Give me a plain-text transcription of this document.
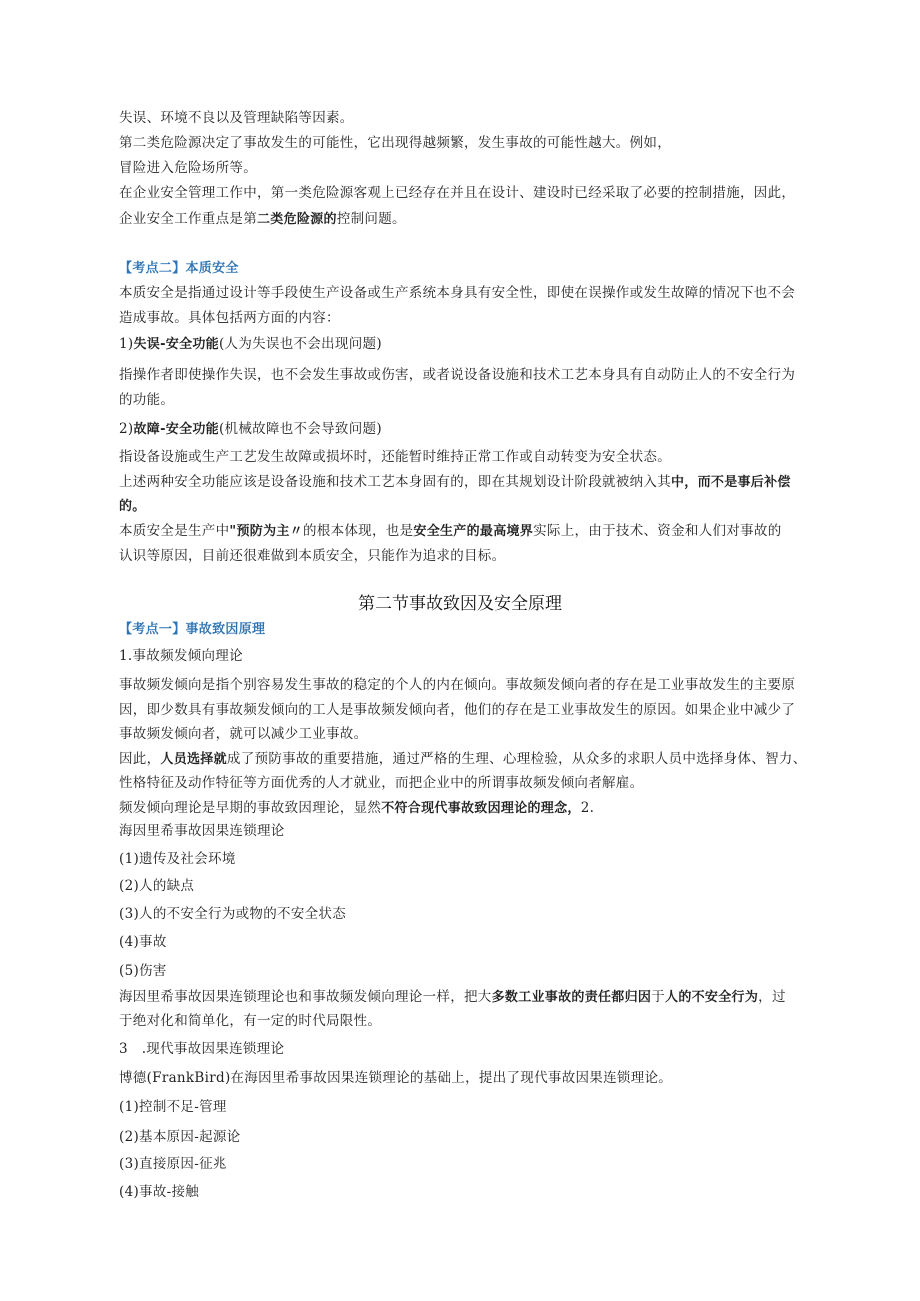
失误、环境不良以及管理缺陷等因素。
第二类危险源决定了事故发生的可能性，它出现得越频繁，发生事故的可能性越大。例如，
冒险进入危险场所等。
在企业安全管理工作中，第一类危险源客观上已经存在并且在设计、建设时已经采取了必要的控制措施，因此，
企业安全工作重点是第二类危险源的控制问题。
【考点二】本质安全
本质安全是指通过设计等手段使生产设备或生产系统本身具有安全性，即使在误操作或发生故障的情况下也不会
造成事故。具体包括两方面的内容：
1)失误-安全功能(人为失误也不会出现问题)
指操作者即使操作失误，也不会发生事故或伤害，或者说设备设施和技术工艺本身具有自动防止人的不安全行为
的功能。
2)故障-安全功能(机械故障也不会导致问题)
指设备设施或生产工艺发生故障或损坏时，还能暂时维持正常工作或自动转变为安全状态。
上述两种安全功能应该是设备设施和技术工艺本身固有的，即在其规划设计阶段就被纳入其中，而不是事后补偿
的。
本质安全是生产中"预防为主〃的根本体现，也是安全生产的最高境界实际上，由于技术、资金和人们对事故的
认识等原因，目前还很难做到本质安全，只能作为追求的目标。
【考点一】事故致因原理
1.事故频发倾向理论
事故频发倾向是指个别容易发生事故的稳定的个人的内在倾向。事故频发倾向者的存在是工业事故发生的主要原
因，即少数具有事故频发倾向的工人是事故频发倾向者，他们的存在是工业事故发生的原因。如果企业中减少了
事故频发倾向者，就可以减少工业事故。
因此，人员选择就成了预防事故的重要措施，通过严格的生理、心理检验，从众多的求职人员中选择身体、智力、
性格特征及动作特征等方面优秀的人才就业，而把企业中的所谓事故频发倾向者解雇。
频发倾向理论是早期的事故致因理论，显然不符合现代事故致因理论的理念，2.
海因里希事故因果连锁理论
(1)遗传及社会环境
(2)人的缺点
(3)人的不安全行为或物的不安全状态
(4)事故
(5)伤害
海因里希事故因果连锁理论也和事故频发倾向理论一样，把大多数工业事故的责任都归因于人的不安全行为，过
于绝对化和简单化，有一定的时代局限性。
3　.现代事故因果连锁理论
博德(FrankBird)在海因里希事故因果连锁理论的基础上，提出了现代事故因果连锁理论。
(1)控制不足-管理
(2)基本原因-起源论
(3)直接原因-征兆
(4)事故-接触
第二节事故致因及安全原理
